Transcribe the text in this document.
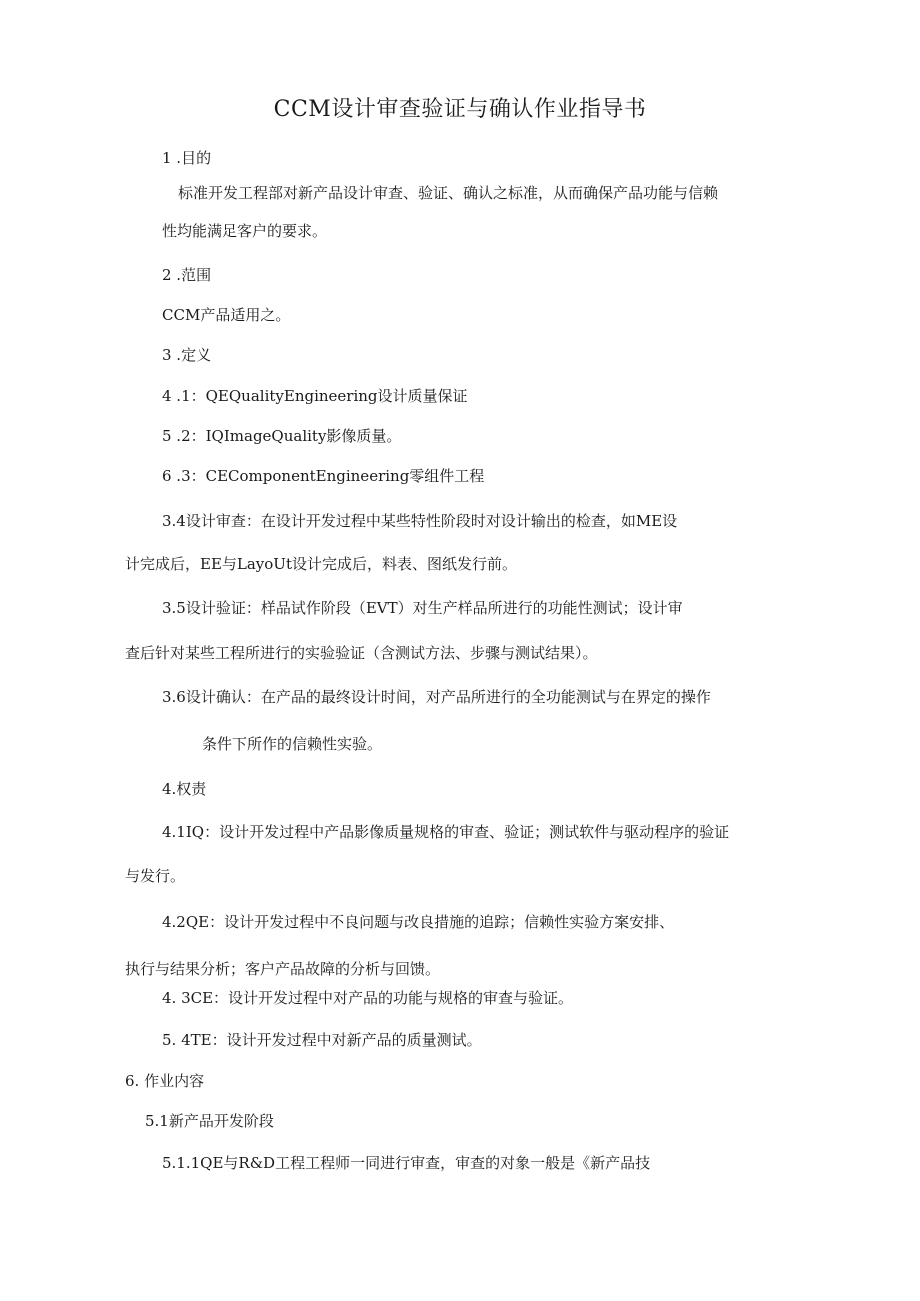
CCM设计审查验证与确认作业指导书

1 .目的

标准开发工程部对新产品设计审查、验证、确认之标准，从而确保产品功能与信赖

性均能满足客户的要求。

2 .范围

CCM产品适用之。

3 .定义

4 .1：QEQualityEngineering设计质量保证

5 .2：IQImageQuality影像质量。

6 .3：CEComponentEngineering零组件工程

3.4设计审查：在设计开发过程中某些特性阶段时对设计输出的检查，如ME设

计完成后，EE与LayoUt设计完成后，料表、图纸发行前。

3.5设计验证：样品试作阶段（EVT）对生产样品所进行的功能性测试；设计审

查后针对某些工程所进行的实验验证（含测试方法、步骤与测试结果）。

3.6设计确认：在产品的最终设计时间，对产品所进行的全功能测试与在界定的操作

条件下所作的信赖性实验。

4.权责

4.1IQ：设计开发过程中产品影像质量规格的审查、验证；测试软件与驱动程序的验证

与发行。

4.2QE：设计开发过程中不良问题与改良措施的追踪；信赖性实验方案安排、

执行与结果分析；客户产品故障的分析与回馈。

4. 3CE：设计开发过程中对产品的功能与规格的审查与验证。

5. 4TE：设计开发过程中对新产品的质量测试。

6. 作业内容

5.1新产品开发阶段

5.1.1QE与R&D工程工程师一同进行审查，审查的对象一般是《新产品技
